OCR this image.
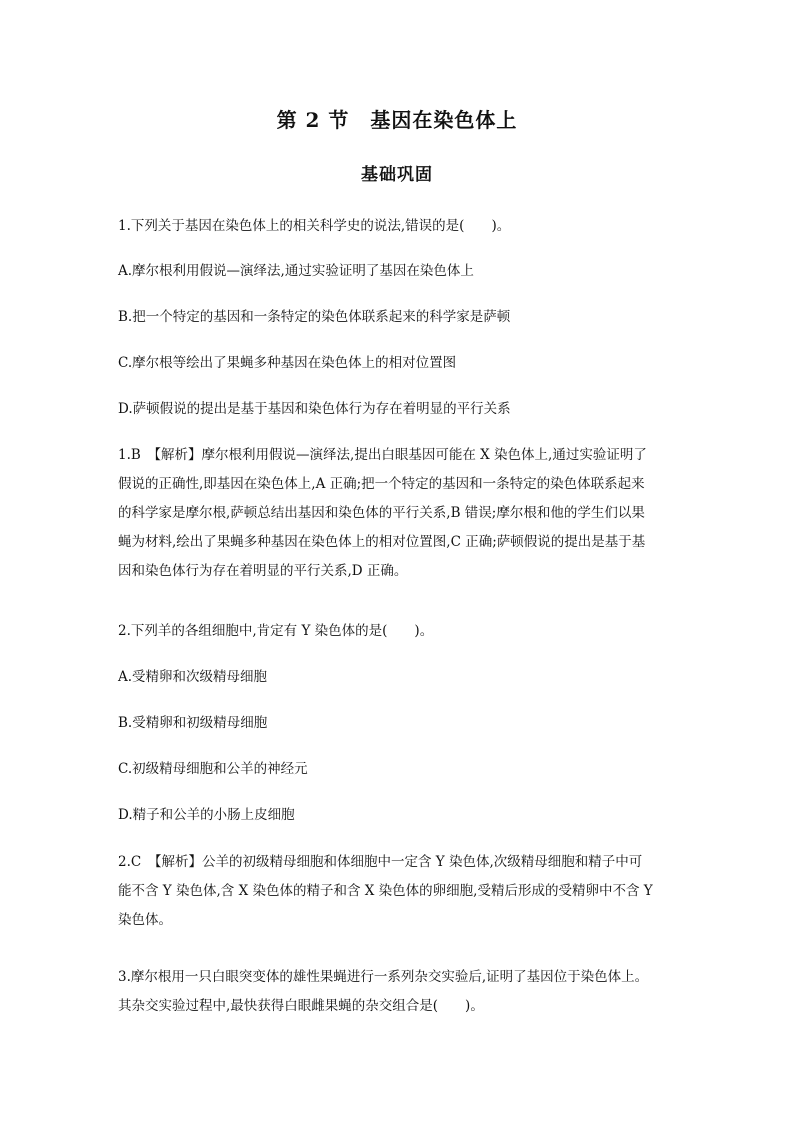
第 2 节　基因在染色体上
基础巩固

1.下列关于基因在染色体上的相关科学史的说法,错误的是(　　)。

A.摩尔根利用假说—演绎法,通过实验证明了基因在染色体上

B.把一个特定的基因和一条特定的染色体联系起来的科学家是萨顿

C.摩尔根等绘出了果蝇多种基因在染色体上的相对位置图

D.萨顿假说的提出是基于基因和染色体行为存在着明显的平行关系

1.B　【解析】摩尔根利用假说—演绎法,提出白眼基因可能在 X 染色体上,通过实验证明了
假说的正确性,即基因在染色体上,A 正确;把一个特定的基因和一条特定的染色体联系起来
的科学家是摩尔根,萨顿总结出基因和染色体的平行关系,B 错误;摩尔根和他的学生们以果
蝇为材料,绘出了果蝇多种基因在染色体上的相对位置图,C 正确;萨顿假说的提出是基于基
因和染色体行为存在着明显的平行关系,D 正确。

2.下列羊的各组细胞中,肯定有 Y 染色体的是(　　)。

A.受精卵和次级精母细胞

B.受精卵和初级精母细胞

C.初级精母细胞和公羊的神经元

D.精子和公羊的小肠上皮细胞

2.C　【解析】公羊的初级精母细胞和体细胞中一定含 Y 染色体,次级精母细胞和精子中可
能不含 Y 染色体,含 X 染色体的精子和含 X 染色体的卵细胞,受精后形成的受精卵中不含 Y
染色体。
3.摩尔根用一只白眼突变体的雄性果蝇进行一系列杂交实验后,证明了基因位于染色体上。
其杂交实验过程中,最快获得白眼雌果蝇的杂交组合是(　　)。
